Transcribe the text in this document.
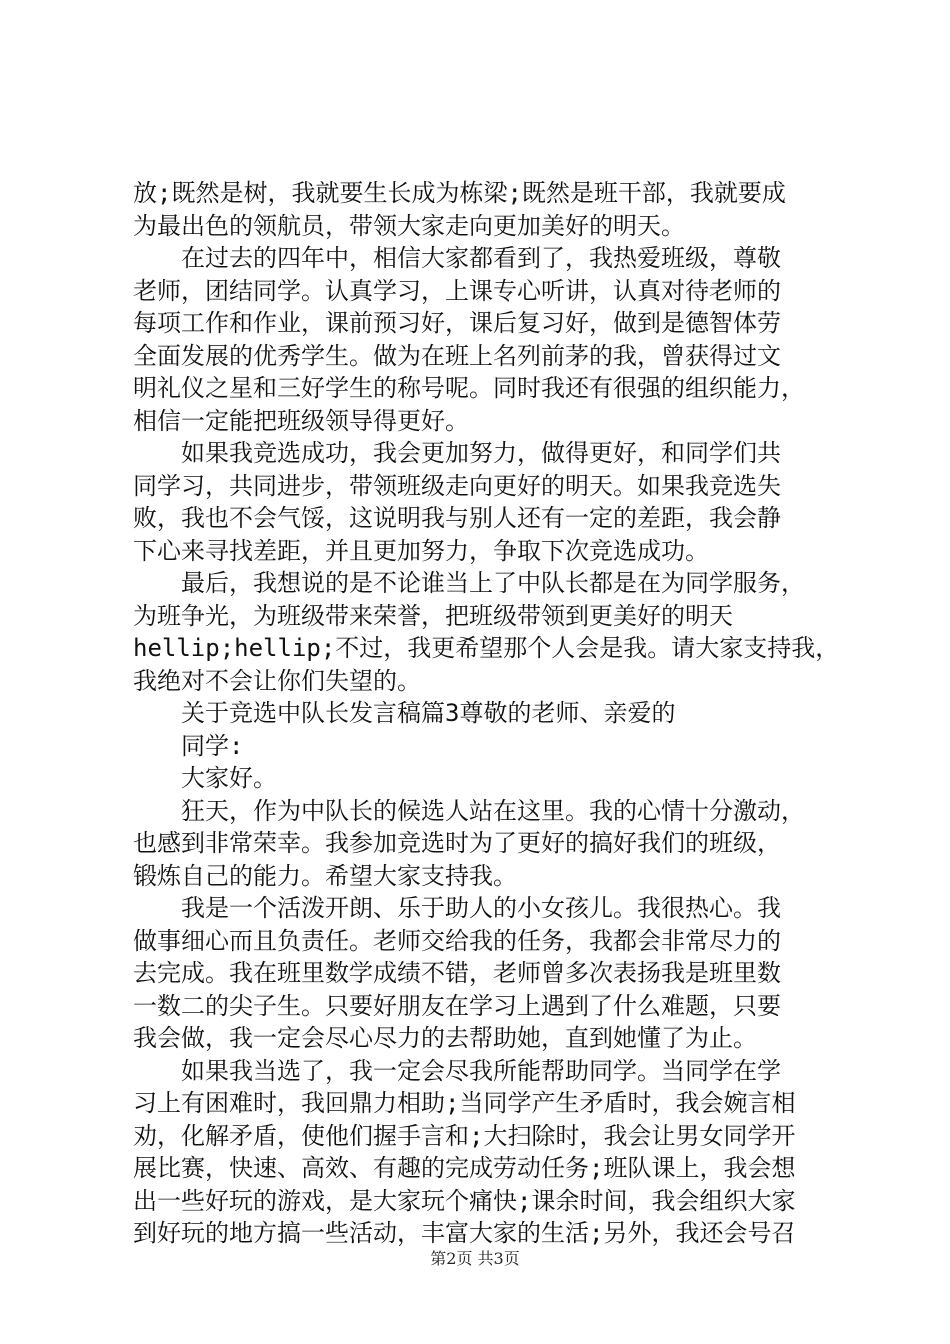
放;既然是树，我就要生长成为栋梁;既然是班干部，我就要成
为最出色的领航员，带领大家走向更加美好的明天。
在过去的四年中，相信大家都看到了，我热爱班级，尊敬
老师，团结同学。认真学习，上课专心听讲，认真对待老师的
每项工作和作业，课前预习好，课后复习好，做到是德智体劳
全面发展的优秀学生。做为在班上名列前茅的我，曾获得过文
明礼仪之星和三好学生的称号呢。同时我还有很强的组织能力，
相信一定能把班级领导得更好。
如果我竞选成功，我会更加努力，做得更好，和同学们共
同学习，共同进步，带领班级走向更好的明天。如果我竞选失
败，我也不会气馁，这说明我与别人还有一定的差距，我会静
下心来寻找差距，并且更加努力，争取下次竞选成功。
最后，我想说的是不论谁当上了中队长都是在为同学服务，
为班争光，为班级带来荣誉，把班级带领到更美好的明天
hellip;hellip;不过，我更希望那个人会是我。请大家支持我，
我绝对不会让你们失望的。
关于竞选中队长发言稿篇3尊敬的老师、亲爱的
同学:
大家好。
狂天，作为中队长的候选人站在这里。我的心情十分激动，
也感到非常荣幸。我参加竞选时为了更好的搞好我们的班级，
锻炼自己的能力。希望大家支持我。
我是一个活泼开朗、乐于助人的小女孩儿。我很热心。我
做事细心而且负责任。老师交给我的任务，我都会非常尽力的
去完成。我在班里数学成绩不错，老师曾多次表扬我是班里数
一数二的尖子生。只要好朋友在学习上遇到了什么难题，只要
我会做，我一定会尽心尽力的去帮助她，直到她懂了为止。
如果我当选了，我一定会尽我所能帮助同学。当同学在学
习上有困难时，我回鼎力相助;当同学产生矛盾时，我会婉言相
劝，化解矛盾，使他们握手言和;大扫除时，我会让男女同学开
展比赛，快速、高效、有趣的完成劳动任务;班队课上，我会想
出一些好玩的游戏，是大家玩个痛快;课余时间，我会组织大家
到好玩的地方搞一些活动，丰富大家的生活;另外，我还会号召
第2页 共3页
